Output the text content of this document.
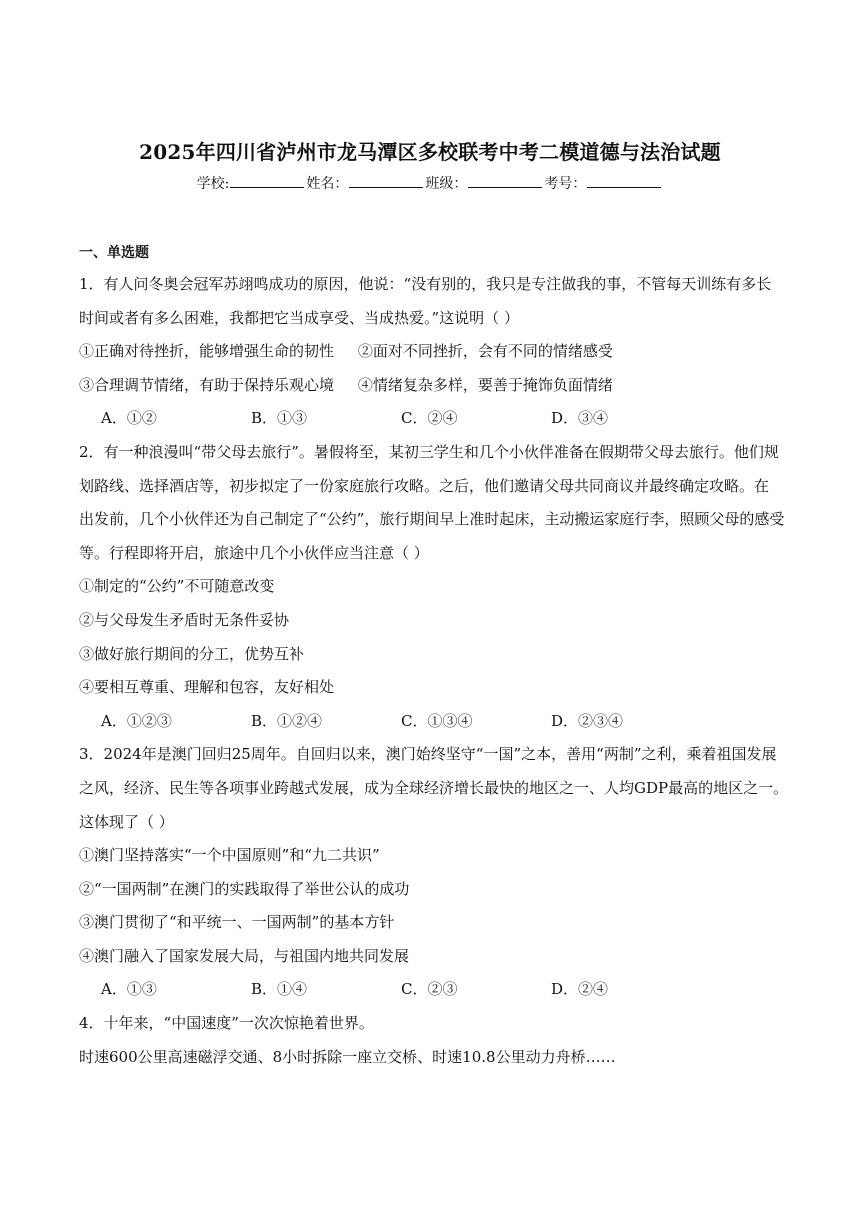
2025年四川省泸州市龙马潭区多校联考中考二模道德与法治试题
学校:	姓名：	班级：	考号：
一、单选题
1．有人问冬奥会冠军苏翊鸣成功的原因，他说：“没有别的，我只是专注做我的事，不管每天训练有多长
时间或者有多么困难，我都把它当成享受、当成热爱。”这说明（ ）
①正确对待挫折，能够增强生命的韧性     ②面对不同挫折，会有不同的情绪感受
③合理调节情绪，有助于保持乐观心境     ④情绪复杂多样，要善于掩饰负面情绪
A．①②	B．①③	C．②④	D．③④
2．有一种浪漫叫“带父母去旅行”。暑假将至，某初三学生和几个小伙伴准备在假期带父母去旅行。他们规
划路线、选择酒店等，初步拟定了一份家庭旅行攻略。之后，他们邀请父母共同商议并最终确定攻略。在
出发前，几个小伙伴还为自己制定了“公约”，旅行期间早上准时起床，主动搬运家庭行李，照顾父母的感受
等。行程即将开启，旅途中几个小伙伴应当注意（ ）
①制定的“公约”不可随意改变
②与父母发生矛盾时无条件妥协
③做好旅行期间的分工，优势互补
④要相互尊重、理解和包容，友好相处
A．①②③	B．①②④	C．①③④	D．②③④
3．2024年是澳门回归25周年。自回归以来，澳门始终坚守“一国”之本，善用“两制”之利，乘着祖国发展
之风，经济、民生等各项事业跨越式发展，成为全球经济增长最快的地区之一、人均GDP最高的地区之一。
这体现了（ ）
①澳门坚持落实“一个中国原则”和“九二共识”
②“一国两制”在澳门的实践取得了举世公认的成功
③澳门贯彻了“和平统一、一国两制”的基本方针
④澳门融入了国家发展大局，与祖国内地共同发展
A．①③	B．①④	C．②③	D．②④
4．十年来，“中国速度”一次次惊艳着世界。
时速600公里高速磁浮交通、8小时拆除一座立交桥、时速10.8公里动力舟桥……
